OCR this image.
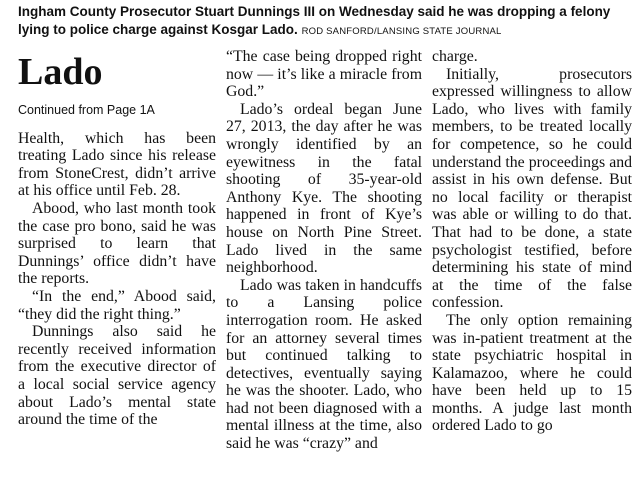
Ingham County Prosecutor Stuart Dunnings III on Wednesday said he was dropping a felony lying to police charge against Kosgar Lado. ROD SANFORD/LANSING STATE JOURNAL
Lado
Continued from Page 1A

Health, which has been treating Lado since his release from StoneCrest, didn’t arrive at his office until Feb. 28.

Abood, who last month took the case pro bono, said he was surprised to learn that Dunnings’ office didn’t have the reports.

“In the end,” Abood said, “they did the right thing.”

Dunnings also said he recently received information from the executive director of a local social service agency about Lado’s mental state around the time of the

“The case being dropped right now — it’s like a miracle from God.”

Lado’s ordeal began June 27, 2013, the day after he was wrongly identified by an eyewitness in the fatal shooting of 35-year-old Anthony Kye. The shooting happened in front of Kye’s house on North Pine Street. Lado lived in the same neighborhood.

Lado was taken in handcuffs to a Lansing police interrogation room. He asked for an attorney several times but continued talking to detectives, eventually saying he was the shooter. Lado, who had not been diagnosed with a mental illness at the time, also said he was “crazy” and

charge.

Initially, prosecutors expressed willingness to allow Lado, who lives with family members, to be treated locally for competence, so he could understand the proceedings and assist in his own defense. But no local facility or therapist was able or willing to do that. That had to be done, a state psychologist testified, before determining his state of mind at the time of the false confession.

The only option remaining was in-patient treatment at the state psychiatric hospital in Kalamazoo, where he could have been held up to 15 months. A judge last month ordered Lado to go
